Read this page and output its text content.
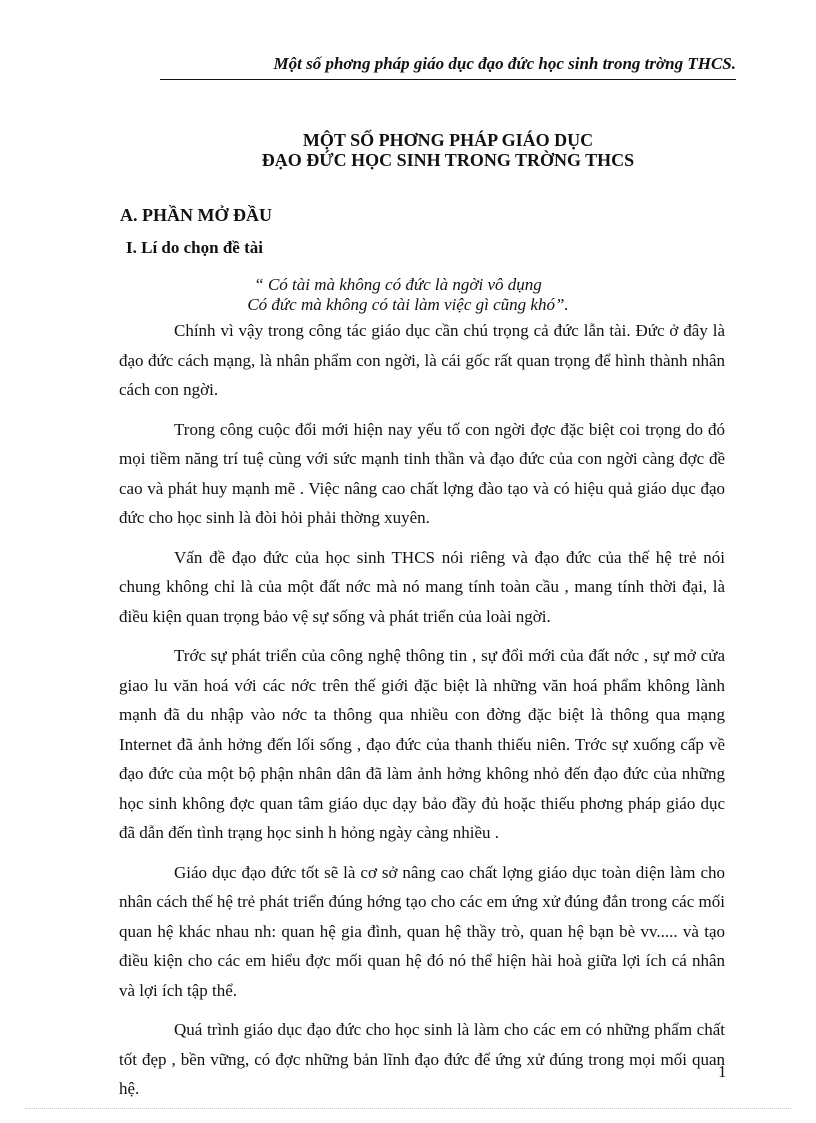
Một số phơng pháp giáo dục đạo đức học sinh trong trờng THCS.
MỘT SỐ PHƠNG PHÁP GIÁO DỤC
ĐẠO ĐỨC HỌC SINH TRONG TRỜNG THCS
A. PHẦN MỞ ĐẦU
I. Lí do chọn đề tài
“ Có tài mà không có đức là ngời vô dụng
Có đức mà không có tài làm việc gì cũng khó”.

Chính vì vậy trong công tác giáo dục cần chú trọng cả đức lẫn tài. Đức ở đây là đạo đức cách mạng, là nhân phẩm con ngời, là cái gốc rất quan trọng để hình thành nhân cách con ngời.

Trong công cuộc đổi mới hiện nay yếu tố con ngời đợc đặc biệt coi trọng do đó mọi tiềm năng trí tuệ cùng với sức mạnh tinh thần và đạo đức của con ngời càng đợc đề cao và phát huy mạnh mẽ . Việc nâng cao chất lợng đào tạo và có hiệu quả giáo dục đạo đức cho học sinh là đòi hỏi phải thờng xuyên.

Vấn đề đạo đức của học sinh THCS nói riêng và đạo đức của thế hệ trẻ nói chung không chỉ là của một đất nớc mà nó mang tính toàn cầu , mang tính thời đại, là điều kiện quan trọng bảo vệ sự sống và phát triển của loài ngời.

Trớc sự phát triển của công nghệ thông tin , sự đổi mới của đất nớc , sự mở cửa giao lu văn hoá với các nớc trên thế giới đặc biệt là những văn hoá phẩm không lành mạnh đã du nhập vào nớc ta thông qua nhiều con đờng đặc biệt là thông qua mạng Internet đã ảnh hởng đến lối sống , đạo đức của thanh thiếu niên. Trớc sự xuống cấp về đạo đức của một bộ phận nhân dân đã làm ảnh hởng không nhỏ đến đạo đức của những học sinh không đợc quan tâm giáo dục dạy bảo đầy đủ hoặc thiếu phơng pháp giáo dục đã dẫn đến tình trạng học sinh h hỏng ngày càng nhiều .

Giáo dục đạo đức tốt sẽ là cơ sở nâng cao chất lợng giáo dục toàn diện làm cho nhân cách thế hệ trẻ phát triển đúng hớng tạo cho các em ứng xử đúng đắn trong các mối quan hệ khác nhau nh: quan hệ gia đình, quan hệ thầy trò, quan hệ bạn bè vv..... và tạo điều kiện cho các em hiểu đợc mối quan hệ đó nó thể hiện hài hoà giữa lợi ích cá nhân và lợi ích tập thể.

Quá trình giáo dục đạo đức cho học sinh là làm cho các em có những phẩm chất tốt đẹp , bền vững, có đợc những bản lĩnh đạo đức để ứng xử đúng trong mọi mối quan hệ.

1
